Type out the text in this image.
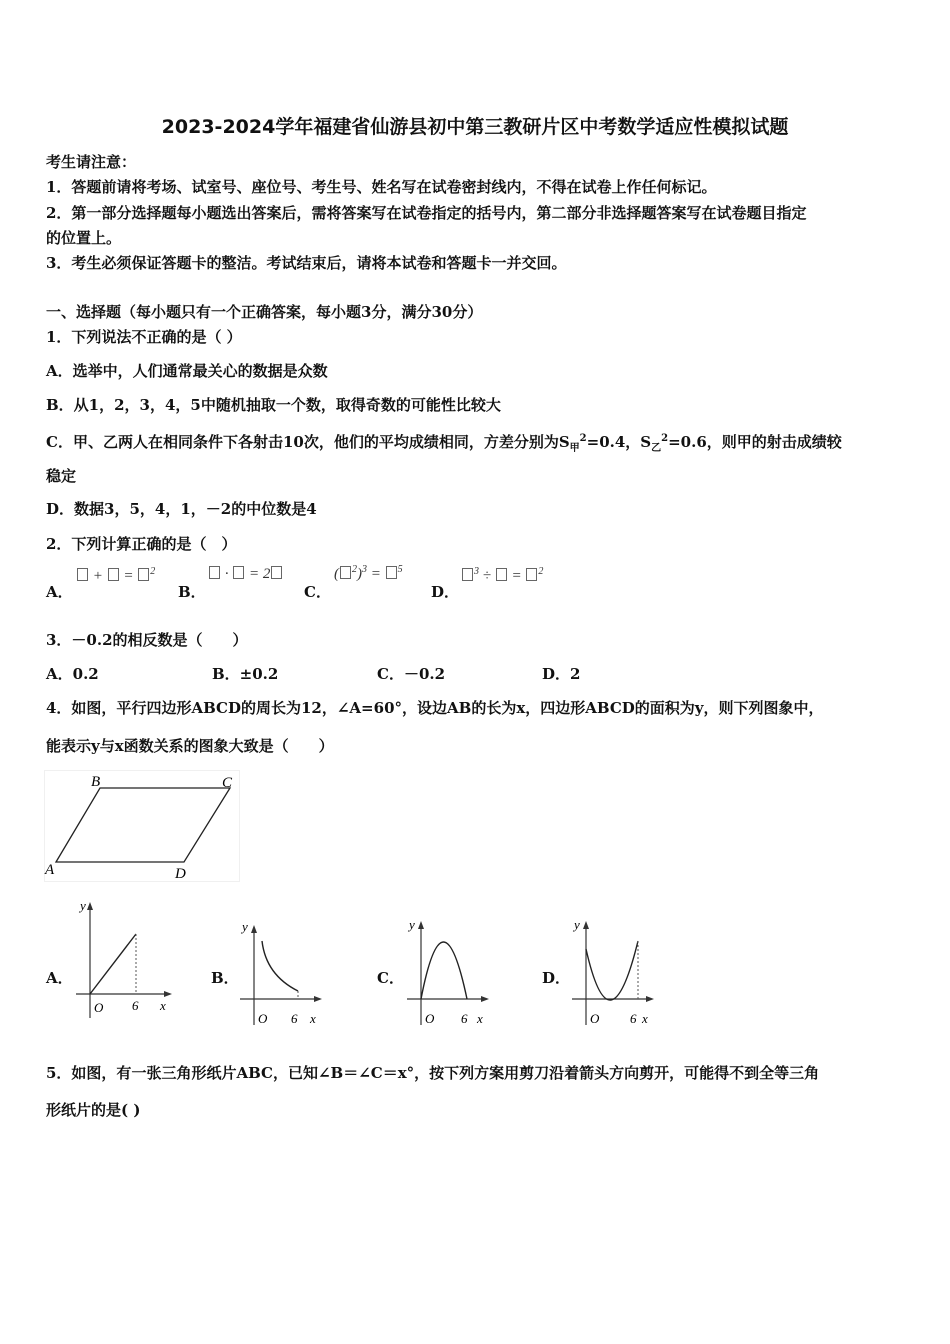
2023-2024学年福建省仙游县初中第三教研片区中考数学适应性模拟试题
考生请注意：
1．答题前请将考场、试室号、座位号、考生号、姓名写在试卷密封线内，不得在试卷上作任何标记。
2．第一部分选择题每小题选出答案后，需将答案写在试卷指定的括号内，第二部分非选择题答案写在试卷题目指定
的位置上。
3．考生必须保证答题卡的整洁。考试结束后，请将本试卷和答题卡一并交回。
一、选择题（每小题只有一个正确答案，每小题3分，满分30分）
1．下列说法不正确的是（ ）
A．选举中，人们通常最关心的数据是众数
B．从1，2，3，4，5中随机抽取一个数，取得奇数的可能性比较大
C．甲、乙两人在相同条件下各射击10次，他们的平均成绩相同，方差分别为$S_甲^2=0.4$，$S_乙^2=0.6$，则甲的射击成绩较
稳定
D．数据3，5，4，1，－2的中位数是4
2．下列计算正确的是（　）
A．
+ = $^2$
B．
· = 2
C．
( $^2$)$^3$ = $^5$
D．
$^3$ ÷ = $^2$
3．－0.2的相反数是（　　）
A．0.2	B．±0.2	C．－0.2	D．2
4．如图，平行四边形ABCD的周长为12，∠A=60°，设边AB的长为x，四边形ABCD的面积为y，则下列图象中，
能表示y与x函数关系的图象大致是（　　）
B	C
A	D
A．	B．	C．	D．
y
x
O 6
y
x
O 6
y
x
O 6
y
x
O 6
5．如图，有一张三角形纸片ABC，已知∠B＝∠C＝x°，按下列方案用剪刀沿着箭头方向剪开，可能得不到全等三角
形纸片的是( )
